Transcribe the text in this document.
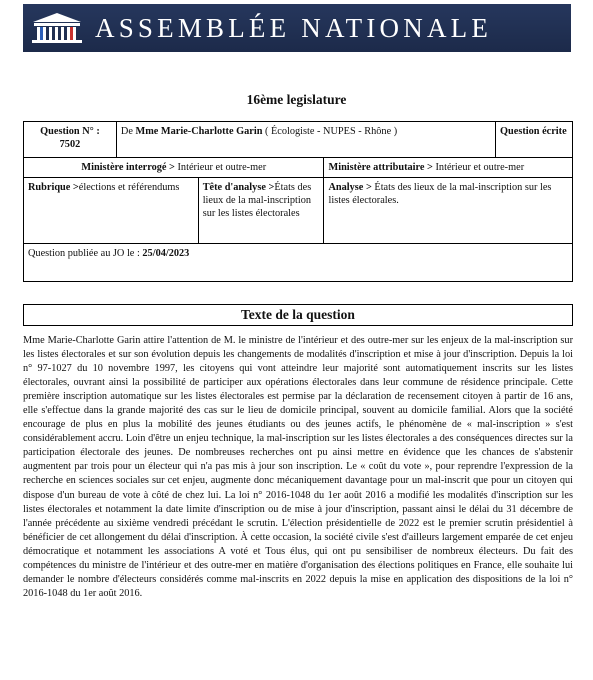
ASSEMBLÉE NATIONALE
16ème legislature
Question N° :
7502	De Mme Marie-Charlotte Garin ( Écologiste - NUPES - Rhône )			Question écrite
Ministère interrogé > Intérieur et outre-mer			Ministère attributaire > Intérieur et outre-mer	
Rubrique >élections et référendums		Tête d'analyse >États des lieux de la mal-inscription sur les listes électorales	Analyse > États des lieux de la mal-inscription sur les listes électorales.	
Question publiée au JO le : 25/04/2023				
Texte de la question
Mme Marie-Charlotte Garin attire l'attention de M. le ministre de l'intérieur et des outre-mer sur les enjeux de la mal-inscription sur les listes électorales et sur son évolution depuis les changements de modalités d'inscription et mise à jour d'inscription. Depuis la loi n° 97-1027 du 10 novembre 1997, les citoyens qui vont atteindre leur majorité sont automatiquement inscrits sur les listes électorales, ouvrant ainsi la possibilité de participer aux opérations électorales dans leur commune de résidence principale. Cette première inscription automatique sur les listes électorales est permise par la déclaration de recensement citoyen à partir de 16 ans, elle s'effectue dans la grande majorité des cas sur le lieu de domicile principal, souvent au domicile familial. Alors que la société encourage de plus en plus la mobilité des jeunes étudiants ou des jeunes actifs, le phénomène de « mal-inscription » s'est considérablement accru. Loin d'être un enjeu technique, la mal-inscription sur les listes électorales a des conséquences directes sur la participation électorale des jeunes. De nombreuses recherches ont pu ainsi mettre en évidence que les chances de s'abstenir augmentent par trois pour un électeur qui n'a pas mis à jour son inscription. Le « coût du vote », pour reprendre l'expression de la recherche en sciences sociales sur cet enjeu, augmente donc mécaniquement davantage pour un mal-inscrit que pour un citoyen qui dispose d'un bureau de vote à côté de chez lui. La loi n° 2016-1048 du 1er août 2016 a modifié les modalités d'inscription sur les listes électorales et notamment la date limite d'inscription ou de mise à jour d'inscription, passant ainsi le délai du 31 décembre de l'année précédente au sixième vendredi précédant le scrutin. L'élection présidentielle de 2022 est le premier scrutin présidentiel à bénéficier de cet allongement du délai d'inscription. À cette occasion, la société civile s'est d'ailleurs largement emparée de cet enjeu démocratique et notamment les associations A voté et Tous élus, qui ont pu sensibiliser de nombreux électeurs. Du fait des compétences du ministre de l'intérieur et des outre-mer en matière d'organisation des élections politiques en France, elle souhaite lui demander le nombre d'électeurs considérés comme mal-inscrits en 2022 depuis la mise en application des dispositions de la loi n° 2016-1048 du 1er août 2016.
